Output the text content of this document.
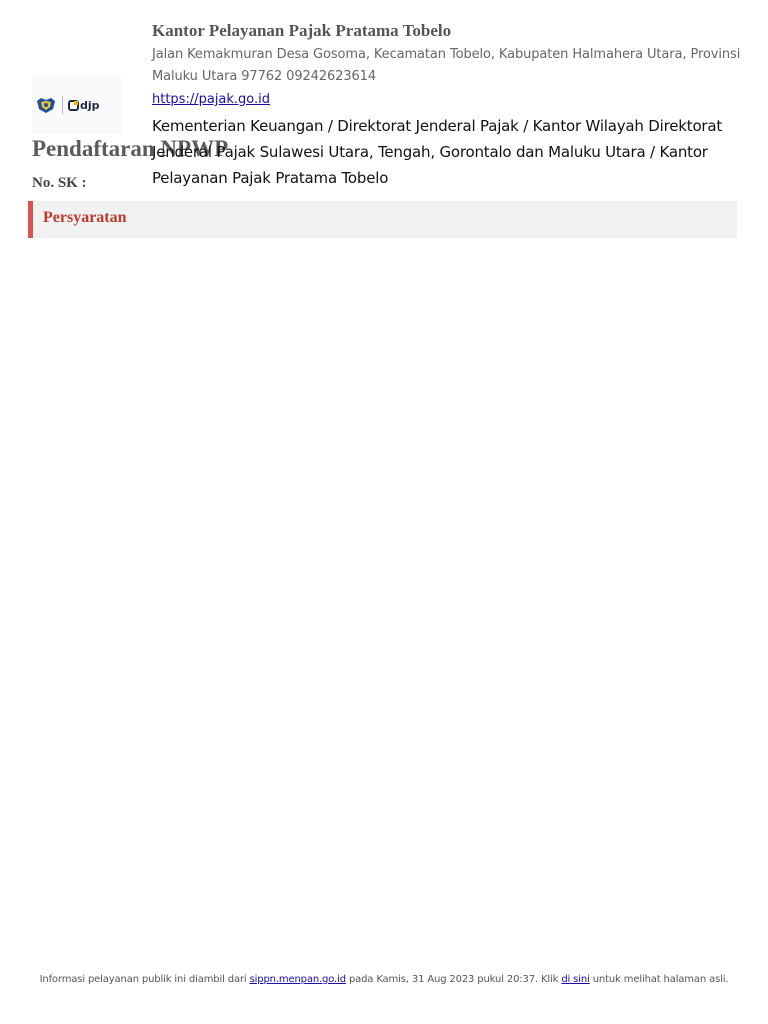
djp
Pendaftaran NPWP
No. SK :
Kantor Pelayanan Pajak Pratama Tobelo
Jalan Kemakmuran Desa Gosoma, Kecamatan Tobelo, Kabupaten Halmahera Utara, Provinsi Maluku Utara 97762 09242623614
https://pajak.go.id
Kementerian Keuangan / Direktorat Jenderal Pajak / Kantor Wilayah Direktorat Jenderal Pajak Sulawesi Utara, Tengah, Gorontalo dan Maluku Utara / Kantor Pelayanan Pajak Pratama Tobelo
Persyaratan
Informasi pelayanan publik ini diambil dari sippn.menpan.go.id pada Kamis, 31 Aug 2023 pukul 20:37. Klik di sini untuk melihat halaman asli.
